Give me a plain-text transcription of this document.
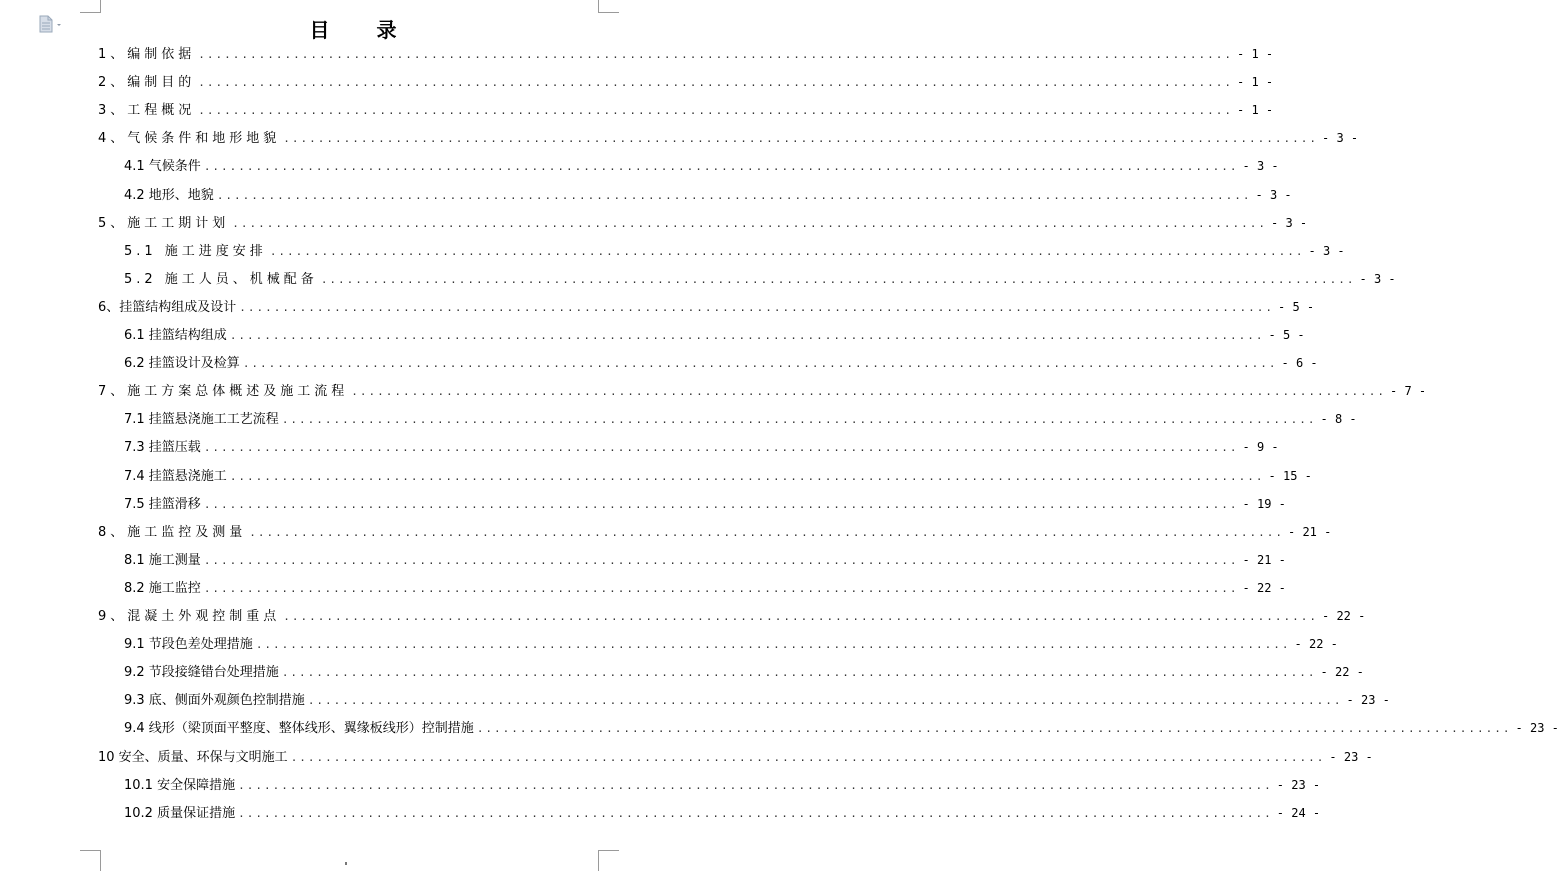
目 录
1、编制依据 ........................................................................................................................ - 1 -
2、编制目的 ........................................................................................................................ - 1 -
3、工程概况 ........................................................................................................................ - 1 -
4、气候条件和地形地貌 ........................................................................................................................ - 3 -
4.1 气候条件 ........................................................................................................................ - 3 -
4.2 地形、地貌 ........................................................................................................................ - 3 -
5、施工工期计划 ........................................................................................................................ - 3 -
5.1 施工进度安排 ........................................................................................................................ - 3 -
5.2 施工人员、机械配备 ........................................................................................................................ - 3 -
6、挂篮结构组成及设计 ........................................................................................................................ - 5 -
6.1 挂篮结构组成 ........................................................................................................................ - 5 -
6.2 挂篮设计及检算 ........................................................................................................................ - 6 -
7、施工方案总体概述及施工流程 ........................................................................................................................ - 7 -
7.1 挂篮悬浇施工工艺流程 ........................................................................................................................ - 8 -
7.3 挂篮压载 ........................................................................................................................ - 9 -
7.4 挂篮悬浇施工 ........................................................................................................................ - 15 -
7.5 挂篮滑移 ........................................................................................................................ - 19 -
8、施工监控及测量 ........................................................................................................................ - 21 -
8.1 施工测量 ........................................................................................................................ - 21 -
8.2 施工监控 ........................................................................................................................ - 22 -
9、混凝土外观控制重点 ........................................................................................................................ - 22 -
9.1 节段色差处理措施 ........................................................................................................................ - 22 -
9.2 节段接缝错台处理措施 ........................................................................................................................ - 22 -
9.3 底、侧面外观颜色控制措施 ........................................................................................................................ - 23 -
9.4 线形（梁顶面平整度、整体线形、翼缘板线形）控制措施 ........................................................................................................................ - 23 -
10 安全、质量、环保与文明施工 ........................................................................................................................ - 23 -
10.1 安全保障措施 ........................................................................................................................ - 23 -
10.2 质量保证措施 ........................................................................................................................ - 24 -
